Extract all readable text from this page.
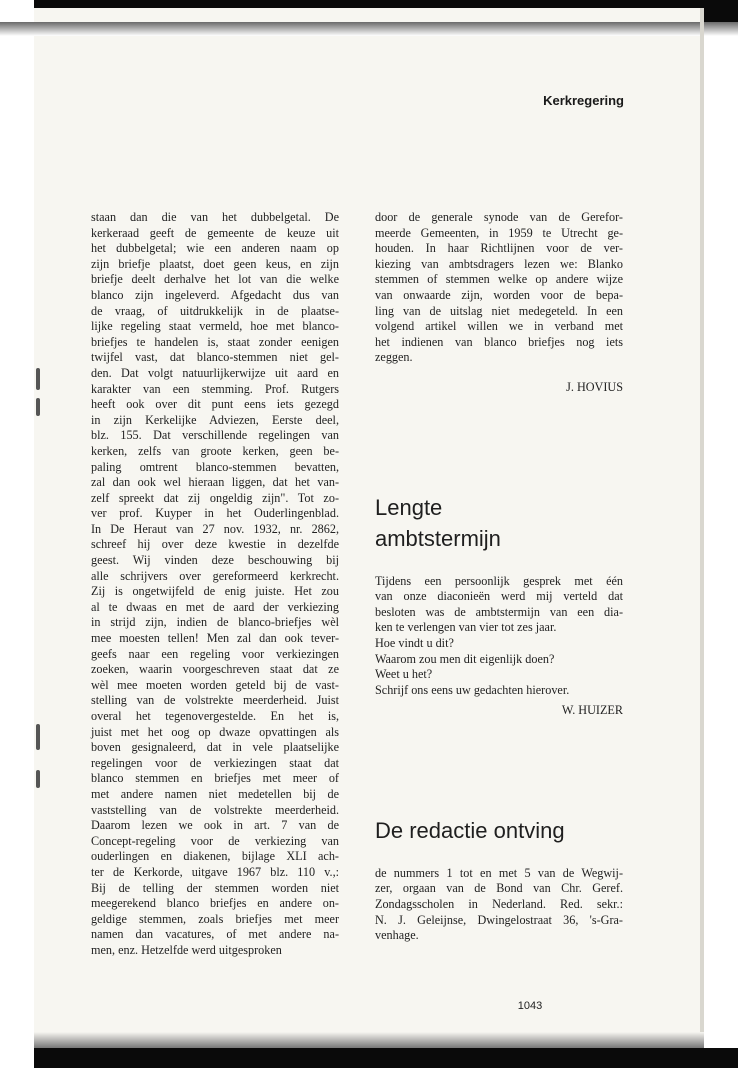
Kerkregering
staan dan die van het dubbelgetal. De
kerkeraad geeft de gemeente de keuze uit
het dubbelgetal; wie een anderen naam op
zijn briefje plaatst, doet geen keus, en zijn
briefje deelt derhalve het lot van die welke
blanco zijn ingeleverd. Afgedacht dus van
de vraag, of uitdrukkelijk in de plaatse-
lijke regeling staat vermeld, hoe met blanco-
briefjes te handelen is, staat zonder eenigen
twijfel vast, dat blanco-stemmen niet gel-
den. Dat volgt natuurlijkerwijze uit aard en
karakter van een stemming. Prof. Rutgers
heeft ook over dit punt eens iets gezegd
in zijn Kerkelijke Adviezen, Eerste deel,
blz. 155. Dat verschillende regelingen van
kerken, zelfs van groote kerken, geen be-
paling omtrent blanco-stemmen bevatten,
zal dan ook wel hieraan liggen, dat het van-
zelf spreekt dat zij ongeldig zijn". Tot zo-
ver prof. Kuyper in het Ouderlingenblad.
In De Heraut van 27 nov. 1932, nr. 2862,
schreef hij over deze kwestie in dezelfde
geest. Wij vinden deze beschouwing bij
alle schrijvers over gereformeerd kerkrecht.
Zij is ongetwijfeld de enig juiste. Het zou
al te dwaas en met de aard der verkiezing
in strijd zijn, indien de blanco-briefjes wèl
mee moesten tellen! Men zal dan ook tever-
geefs naar een regeling voor verkiezingen
zoeken, waarin voorgeschreven staat dat ze
wèl mee moeten worden geteld bij de vast-
stelling van de volstrekte meerderheid. Juist
overal het tegenovergestelde. En het is,
juist met het oog op dwaze opvattingen als
boven gesignaleerd, dat in vele plaatselijke
regelingen voor de verkiezingen staat dat
blanco stemmen en briefjes met meer of
met andere namen niet medetellen bij de
vaststelling van de volstrekte meerderheid.
Daarom lezen we ook in art. 7 van de
Concept-regeling voor de verkiezing van
ouderlingen en diakenen, bijlage XLI ach-
ter de Kerkorde, uitgave 1967 blz. 110 v.,:
Bij de telling der stemmen worden niet
meegerekend blanco briefjes en andere on-
geldige stemmen, zoals briefjes met meer
namen dan vacatures, of met andere na-
men, enz. Hetzelfde werd uitgesproken
door de generale synode van de Gerefor-
meerde Gemeenten, in 1959 te Utrecht ge-
houden. In haar Richtlijnen voor de ver-
kiezing van ambtsdragers lezen we: Blanko
stemmen of stemmen welke op andere wijze
van onwaarde zijn, worden voor de bepa-
ling van de uitslag niet medegeteld. In een
volgend artikel willen we in verband met
het indienen van blanco briefjes nog iets
zeggen.
J. HOVIUS
Lengte
ambtstermijn
Tijdens een persoonlijk gesprek met één
van onze diaconieën werd mij verteld dat
besloten was de ambtstermijn van een dia-
ken te verlengen van vier tot zes jaar.
Hoe vindt u dit?
Waarom zou men dit eigenlijk doen?
Weet u het?
Schrijf ons eens uw gedachten hierover.
W. HUIZER
De redactie ontving
de nummers 1 tot en met 5 van de Wegwij-
zer, orgaan van de Bond van Chr. Geref.
Zondagsscholen in Nederland. Red. sekr.:
N. J. Geleijnse, Dwingelostraat 36, 's-Gra-
venhage.
1043
